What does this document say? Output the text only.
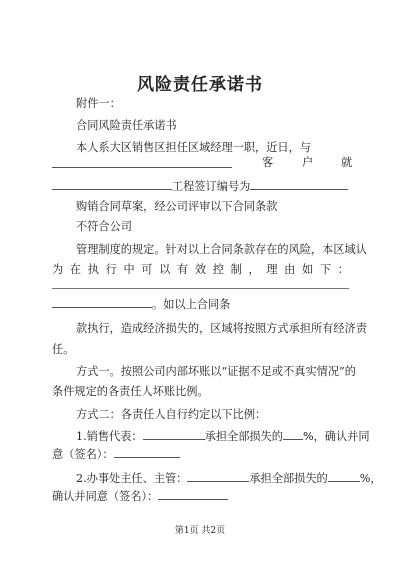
风险责任承诺书
附件一：
合同风险责任承诺书
本人系大区销售区担任区域经理一职，近日，与
客	户 就
工程签订编号为
购销合同草案，经公司评审以下合同条款
不符合公司
管理制度的规定。针对以上合同条款存在的风险，本区域认
为 在 执 行 中 可 以 有 效 控 制 ， 理 由 如 下 ：
。如以上合同条
款执行，造成经济损失的，区域将按照方式承担所有经济责
任。
方式一。按照公司内部坏账以“证据不足或不真实情况”的
条件规定的各责任人坏账比例。
方式二：各责任人自行约定以下比例：
1.销售代表：	承担全部损失的 %，确认并同
意（签名）：
2.办事处主任、主管：	承担全部损失的	%，
确认并同意（签名）：
第1页 共2页
